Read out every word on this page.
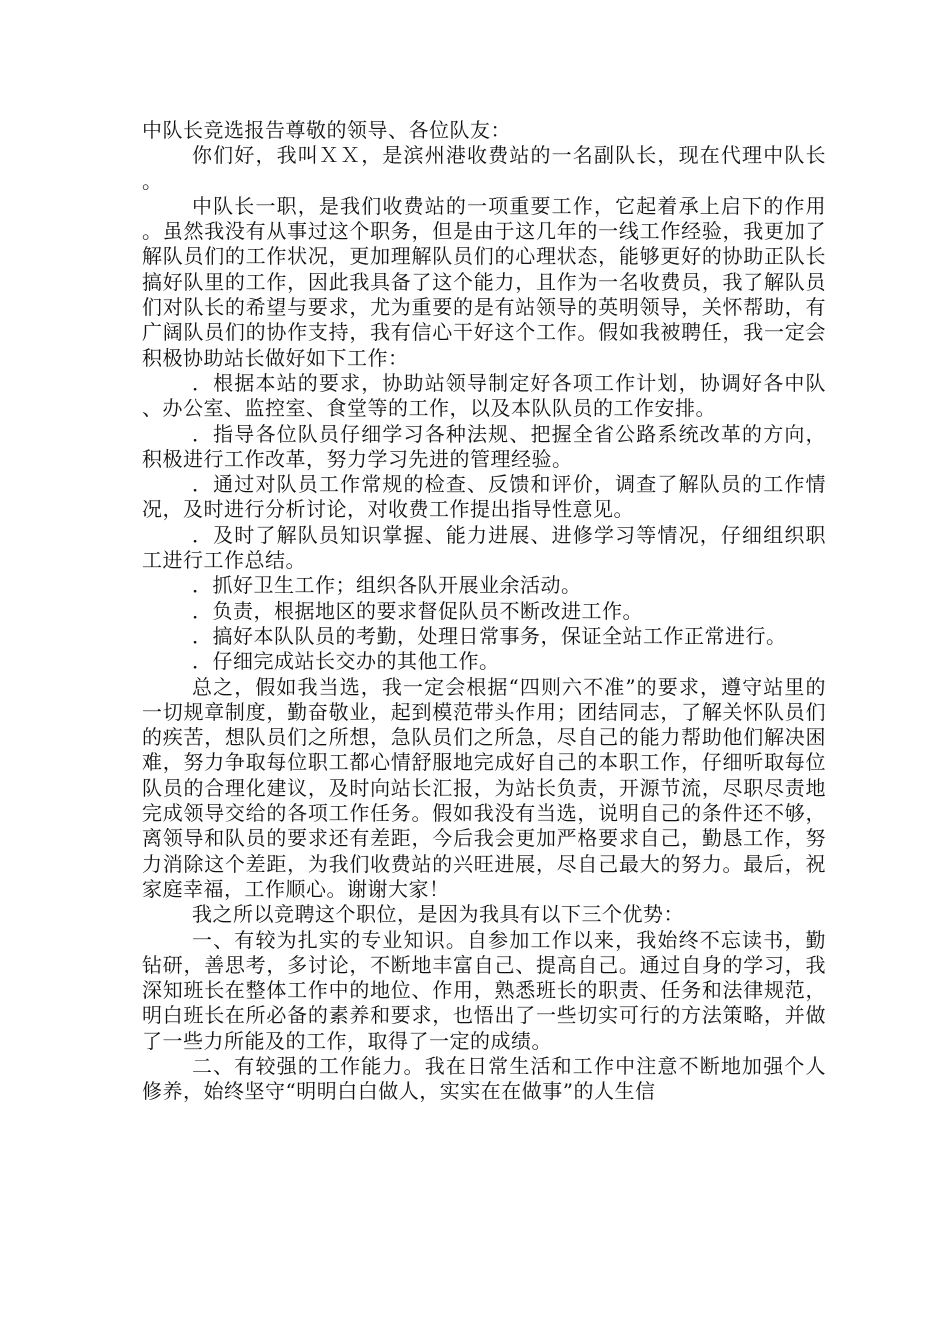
中队长竞选报告尊敬的领导、各位队友：

你们好，我叫ＸＸ，是滨州港收费站的一名副队长，现在代理中队长。

中队长一职，是我们收费站的一项重要工作，它起着承上启下的作用。虽然我没有从事过这个职务，但是由于这几年的一线工作经验，我更加了解队员们的工作状况，更加理解队员们的心理状态，能够更好的协助正队长搞好队里的工作，因此我具备了这个能力，且作为一名收费员，我了解队员们对队长的希望与要求，尤为重要的是有站领导的英明领导，关怀帮助，有广阔队员们的协作支持，我有信心干好这个工作。假如我被聘任，我一定会积极协助站长做好如下工作：

．根据本站的要求，协助站领导制定好各项工作计划，协调好各中队、办公室、监控室、食堂等的工作，以及本队队员的工作安排。

．指导各位队员仔细学习各种法规、把握全省公路系统改革的方向，积极进行工作改革，努力学习先进的管理经验。

．通过对队员工作常规的检查、反馈和评价，调查了解队员的工作情况，及时进行分析讨论，对收费工作提出指导性意见。

．及时了解队员知识掌握、能力进展、进修学习等情况，仔细组织职工进行工作总结。

．抓好卫生工作；组织各队开展业余活动。

．负责，根据地区的要求督促队员不断改进工作。

．搞好本队队员的考勤，处理日常事务，保证全站工作正常进行。

．仔细完成站长交办的其他工作。

总之，假如我当选，我一定会根据“四则六不准”的要求，遵守站里的一切规章制度，勤奋敬业，起到模范带头作用；团结同志，了解关怀队员们的疾苦，想队员们之所想，急队员们之所急，尽自己的能力帮助他们解决困难，努力争取每位职工都心情舒服地完成好自己的本职工作，仔细听取每位队员的合理化建议，及时向站长汇报，为站长负责，开源节流，尽职尽责地完成领导交给的各项工作任务。假如我没有当选，说明自己的条件还不够，离领导和队员的要求还有差距，今后我会更加严格要求自己，勤恳工作，努力消除这个差距，为我们收费站的兴旺进展，尽自己最大的努力。最后，祝家庭幸福，工作顺心。谢谢大家！

我之所以竞聘这个职位，是因为我具有以下三个优势：

一、有较为扎实的专业知识。自参加工作以来，我始终不忘读书，勤钻研，善思考，多讨论，不断地丰富自己、提高自己。通过自身的学习，我深知班长在整体工作中的地位、作用，熟悉班长的职责、任务和法律规范，明白班长在所必备的素养和要求，也悟出了一些切实可行的方法策略，并做了一些力所能及的工作，取得了一定的成绩。

二、有较强的工作能力。我在日常生活和工作中注意不断地加强个人修养，始终坚守“明明白白做人，实实在在做事”的人生信
